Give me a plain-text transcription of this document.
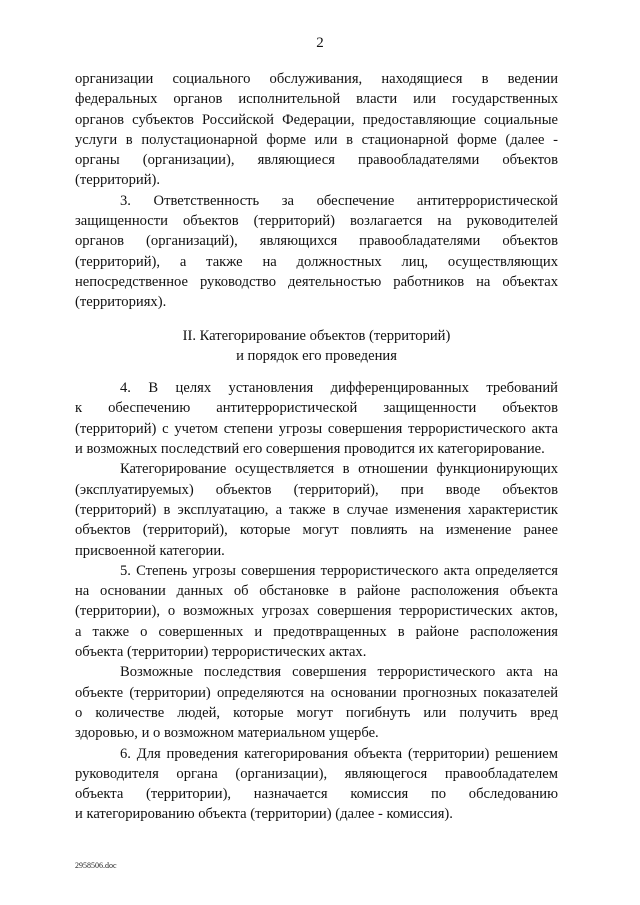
2
организации социального обслуживания, находящиеся в ведении
федеральных органов исполнительной власти или государственных
органов субъектов Российской Федерации, предоставляющие социальные
услуги в полустационарной форме или в стационарной форме (далее -
органы (организации), являющиеся правообладателями объектов
(территорий).
3. Ответственность за обеспечение антитеррористической
защищенности объектов (территорий) возлагается на руководителей
органов (организаций), являющихся правообладателями объектов
(территорий), а также на должностных лиц, осуществляющих
непосредственное руководство деятельностью работников на объектах
(территориях).
II. Категорирование объектов (территорий)
и порядок его проведения
4. В целях установления дифференцированных требований
к обеспечению антитеррористической защищенности объектов
(территорий) с учетом степени угрозы совершения террористического акта
и возможных последствий его совершения проводится их категорирование.
Категорирование осуществляется в отношении функционирующих
(эксплуатируемых) объектов (территорий), при вводе объектов
(территорий) в эксплуатацию, а также в случае изменения характеристик
объектов (территорий), которые могут повлиять на изменение ранее
присвоенной категории.
5. Степень угрозы совершения террористического акта определяется
на основании данных об обстановке в районе расположения объекта
(территории), о возможных угрозах совершения террористических актов,
а также о совершенных и предотвращенных в районе расположения
объекта (территории) террористических актах.
Возможные последствия совершения террористического акта на
объекте (территории) определяются на основании прогнозных показателей
о количестве людей, которые могут погибнуть или получить вред
здоровью, и о возможном материальном ущербе.
6. Для проведения категорирования объекта (территории) решением
руководителя органа (организации), являющегося правообладателем
объекта (территории), назначается комиссия по обследованию
и категорированию объекта (территории) (далее - комиссия).
2958506.doc
